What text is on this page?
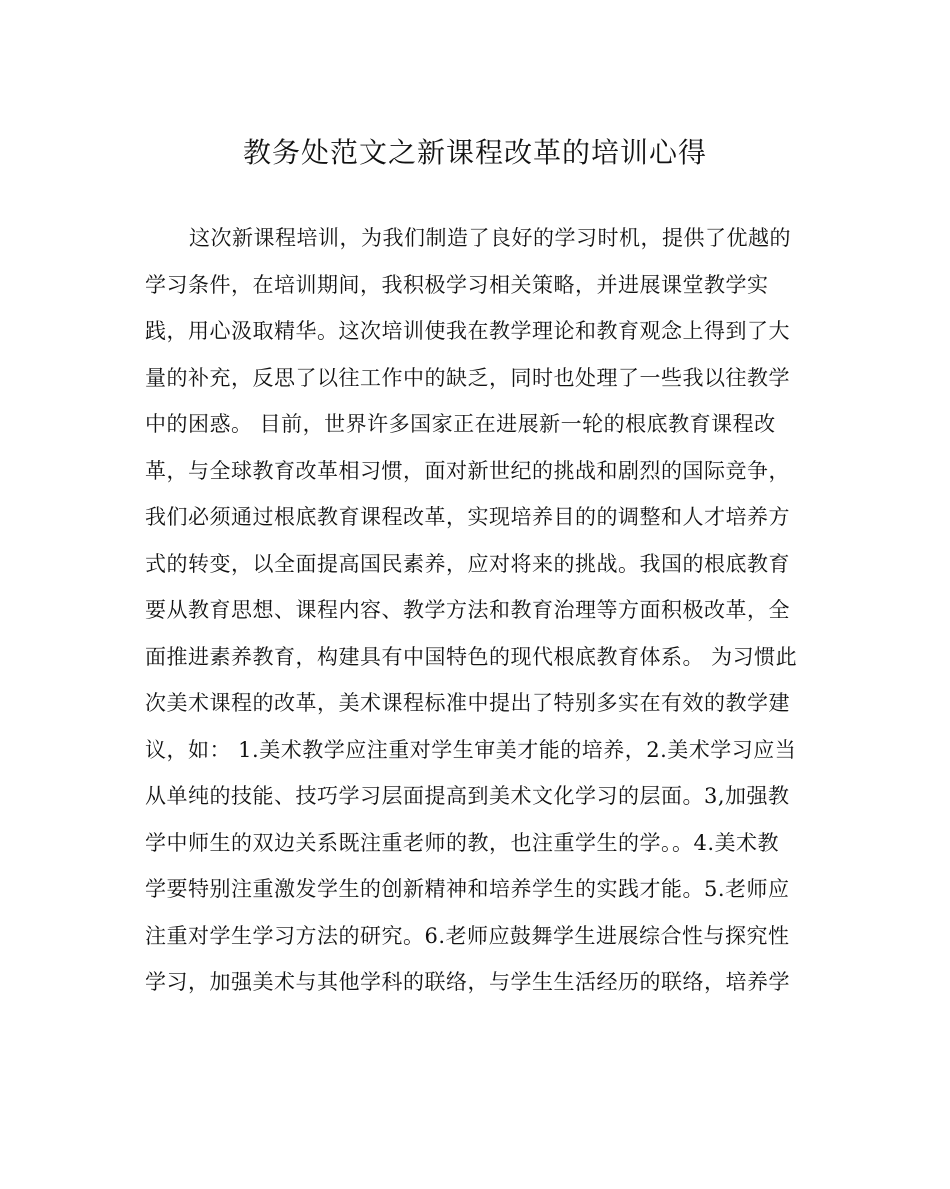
教务处范文之新课程改革的培训心得
这次新课程培训，为我们制造了良好的学习时机，提供了优越的
学习条件，在培训期间，我积极学习相关策略，并进展课堂教学实
践，用心汲取精华。这次培训使我在教学理论和教育观念上得到了大
量的补充，反思了以往工作中的缺乏，同时也处理了一些我以往教学
中的困惑。 目前，世界许多国家正在进展新一轮的根底教育课程改
革，与全球教育改革相习惯，面对新世纪的挑战和剧烈的国际竞争，
我们必须通过根底教育课程改革，实现培养目的的调整和人才培养方
式的转变，以全面提高国民素养，应对将来的挑战。我国的根底教育
要从教育思想、课程内容、教学方法和教育治理等方面积极改革，全
面推进素养教育，构建具有中国特色的现代根底教育体系。 为习惯此
次美术课程的改革，美术课程标准中提出了特别多实在有效的教学建
议，如： 1.美术教学应注重对学生审美才能的培养，2.美术学习应当
从单纯的技能、技巧学习层面提高到美术文化学习的层面。3,加强教
学中师生的双边关系既注重老师的教，也注重学生的学。。4.美术教
学要特别注重激发学生的创新精神和培养学生的实践才能。5.老师应
注重对学生学习方法的研究。6.老师应鼓舞学生进展综合性与探究性
学习，加强美术与其他学科的联络，与学生生活经历的联络，培养学
